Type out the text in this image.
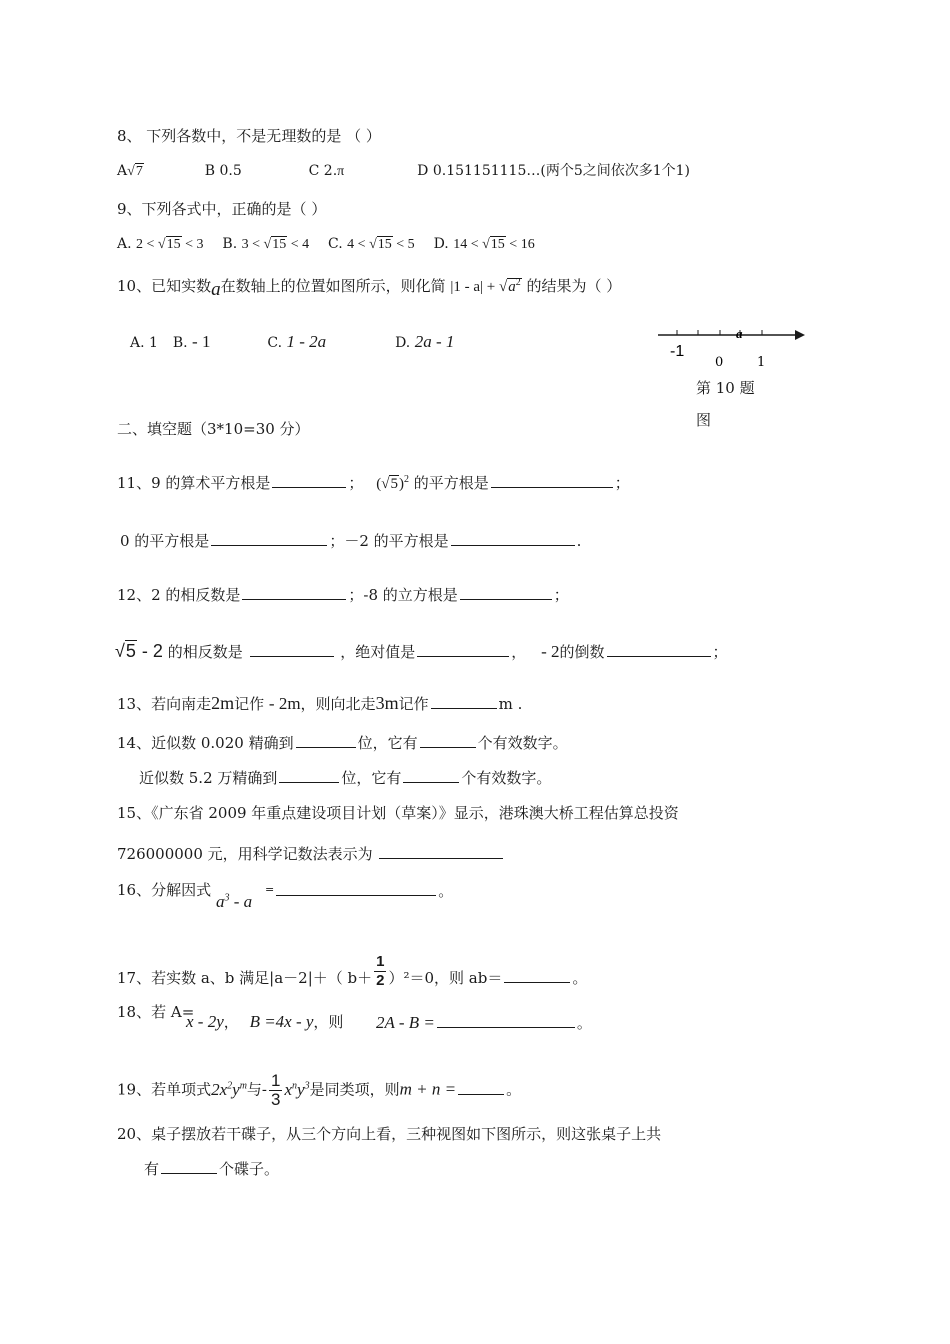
8、 下列各数中，不是无理数的是 （ ）
A√7	B 0.5	C 2.π	D 0.151151115…(两个5之间依次多1个1)
9、下列各式中，正确的是（ ）
A. 2 < √15 < 3 B. 3 < √15 < 4 C. 4 < √15 < 5 D. 14 < √15 < 16
10、已知实数a在数轴上的位置如图所示，则化简 $|1 - a| + √a^2$ 的结果为（ ）
A. 1 B. - 1	C. 1 - 2a	D. 2a - 1	a
-1
0	1
第 10 题
图
二、填空题（3*10=30 分）
11、9 的算术平方根是	； $(√5)^2$ 的平方根是	；
0 的平方根是	；－2 的平方根是	.
12、2 的相反数是	；-8 的立方根是	；
√5 - 2 的相反数是	，绝对值是	， - 2的倒数	；
13、若向南走2m记作 - 2m，则向北走3m记作	m .
14、近似数 0.020 精确到	位，它有	个有效数字。
近似数 5.2 万精确到	位，它有	个有效数字。
15、《广东省 2009 年重点建设项目计划（草案）》显示，港珠澳大桥工程估算总投资
726000000 元，用科学记数法表示为
16、分解因式
$a^3$ - a
=	。
17、若实数 a、b 满足|a－2|＋（ $b+ \frac{1}{2} )^2=0$，则 ab＝	。
18、若 A=
x - 2y， B =4x - y，则 2A - B =	。
19、若单项式$2x^2y^m$与- $\frac{1}{3} x^ny^3$是同类项，则m + n =	。
20、桌子摆放若干碟子，从三个方向上看，三种视图如下图所示，则这张桌子上共
有	个碟子。
